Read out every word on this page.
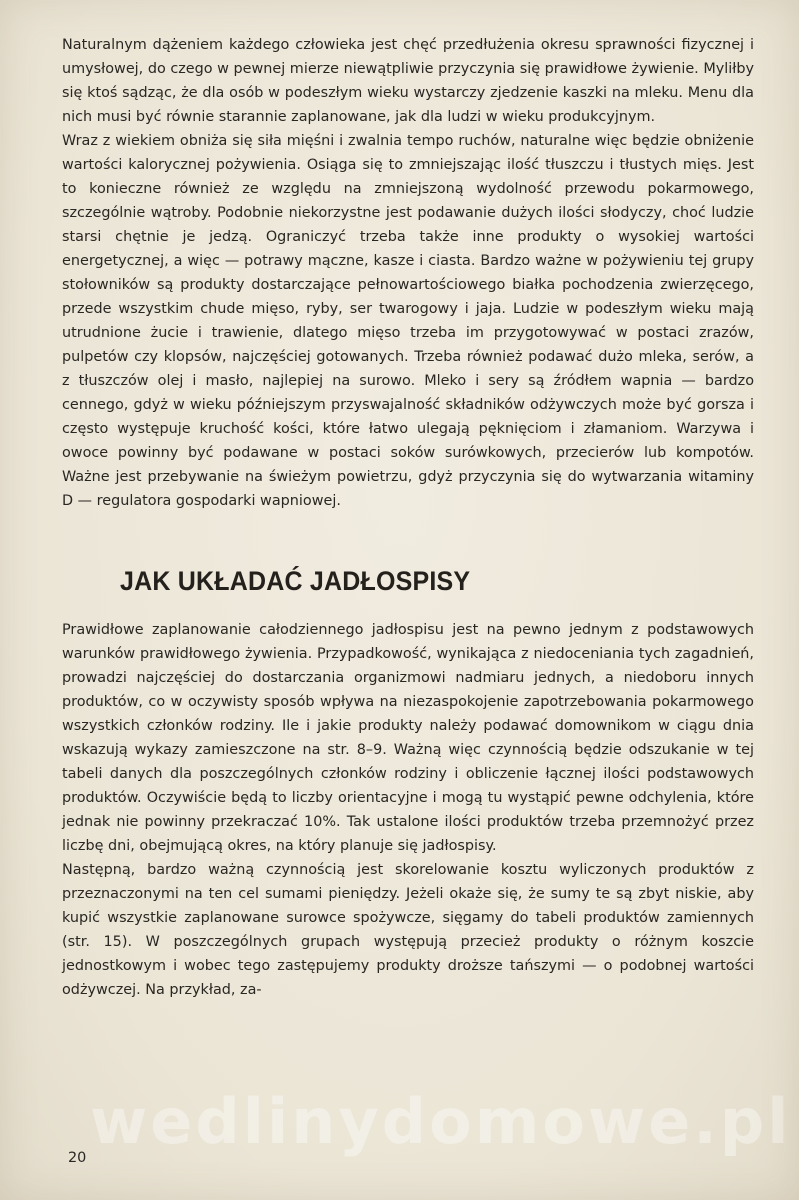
Naturalnym dążeniem każdego człowieka jest chęć przedłużenia okresu sprawności fizycznej i umysłowej, do czego w pewnej mierze niewątpliwie przyczynia się prawidłowe żywienie. Myliłby się ktoś sądząc, że dla osób w podeszłym wieku wystarczy zjedzenie kaszki na mleku. Menu dla nich musi być równie starannie zaplanowane, jak dla ludzi w wieku produkcyjnym.

Wraz z wiekiem obniża się siła mięśni i zwalnia tempo ruchów, naturalne więc będzie obniżenie wartości kalorycznej pożywienia. Osiąga się to zmniejszając ilość tłuszczu i tłustych mięs. Jest to konieczne również ze względu na zmniejszoną wydolność przewodu pokarmowego, szczególnie wątroby. Podobnie niekorzystne jest podawanie dużych ilości słodyczy, choć ludzie starsi chętnie je jedzą. Ograniczyć trzeba także inne produkty o wysokiej wartości energetycznej, a więc — potrawy mączne, kasze i ciasta. Bardzo ważne w pożywieniu tej grupy stołowników są produkty dostarczające pełnowartościowego białka pochodzenia zwierzęcego, przede wszystkim chude mięso, ryby, ser twarogowy i jaja. Ludzie w podeszłym wieku mają utrudnione żucie i trawienie, dlatego mięso trzeba im przygotowywać w postaci zrazów, pulpetów czy klopsów, najczęściej gotowanych. Trzeba również podawać dużo mleka, serów, a z tłuszczów olej i masło, najlepiej na surowo. Mleko i sery są źródłem wapnia — bardzo cennego, gdyż w wieku późniejszym przyswajalność składników odżywczych może być gorsza i często występuje kruchość kości, które łatwo ulegają pęknięciom i złamaniom. Warzywa i owoce powinny być podawane w postaci soków surówkowych, przecierów lub kompotów. Ważne jest przebywanie na świeżym powietrzu, gdyż przyczynia się do wytwarzania witaminy D — regulatora gospodarki wapniowej.

JAK UKŁADAĆ JADŁOSPISY

Prawidłowe zaplanowanie całodziennego jadłospisu jest na pewno jednym z podstawowych warunków prawidłowego żywienia. Przypadkowość, wynikająca z niedoceniania tych zagadnień, prowadzi najczęściej do dostarczania organizmowi nadmiaru jednych, a niedoboru innych produktów, co w oczywisty sposób wpływa na niezaspokojenie zapotrzebowania pokarmowego wszystkich członków rodziny. Ile i jakie produkty należy podawać domownikom w ciągu dnia wskazują wykazy zamieszczone na str. 8–9. Ważną więc czynnością będzie odszukanie w tej tabeli danych dla poszczególnych członków rodziny i obliczenie łącznej ilości podstawowych produktów. Oczywiście będą to liczby orientacyjne i mogą tu wystąpić pewne odchylenia, które jednak nie powinny przekraczać 10%. Tak ustalone ilości produktów trzeba przemnożyć przez liczbę dni, obejmującą okres, na który planuje się jadłospisy.

Następną, bardzo ważną czynnością jest skorelowanie kosztu wyliczonych produktów z przeznaczonymi na ten cel sumami pieniędzy. Jeżeli okaże się, że sumy te są zbyt niskie, aby kupić wszystkie zaplanowane surowce spożywcze, sięgamy do tabeli produktów zamiennych (str. 15). W poszczególnych grupach występują przecież produkty o różnym koszcie jednostkowym i wobec tego zastępujemy produkty droższe tańszymi — o podobnej wartości odżywczej. Na przykład, za-

wedlinydomowe.pl
20
